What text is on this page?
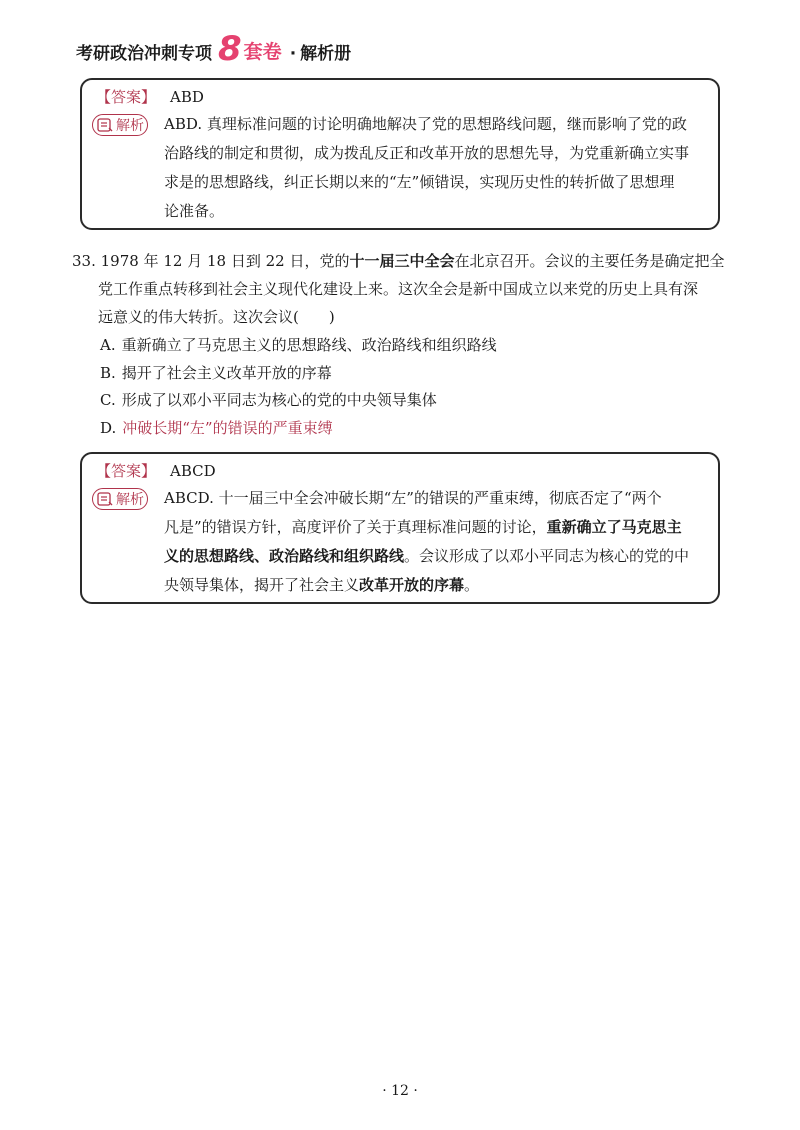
考研政治冲刺专项 8 套卷 · 解析册
【答案】 ABD
解析 ABD. 真理标准问题的讨论明确地解决了党的思想路线问题，继而影响了党的政
治路线的制定和贯彻，成为拨乱反正和改革开放的思想先导，为党重新确立实事
求是的思想路线，纠正长期以来的“左”倾错误，实现历史性的转折做了思想理
论准备。
33. 1978 年 12 月 18 日到 22 日，党的十一届三中全会在北京召开。会议的主要任务是确定把全
党工作重点转移到社会主义现代化建设上来。这次全会是新中国成立以来党的历史上具有深
远意义的伟大转折。这次会议(　　)
A. 重新确立了马克思主义的思想路线、政治路线和组织路线
B. 揭开了社会主义改革开放的序幕
C. 形成了以邓小平同志为核心的党的中央领导集体
D. 冲破长期“左”的错误的严重束缚
【答案】 ABCD
解析 ABCD. 十一届三中全会冲破长期“左”的错误的严重束缚，彻底否定了“两个
凡是”的错误方针，高度评价了关于真理标准问题的讨论，重新确立了马克思主
义的思想路线、政治路线和组织路线。会议形成了以邓小平同志为核心的党的中
央领导集体，揭开了社会主义改革开放的序幕。
· 12 ·
